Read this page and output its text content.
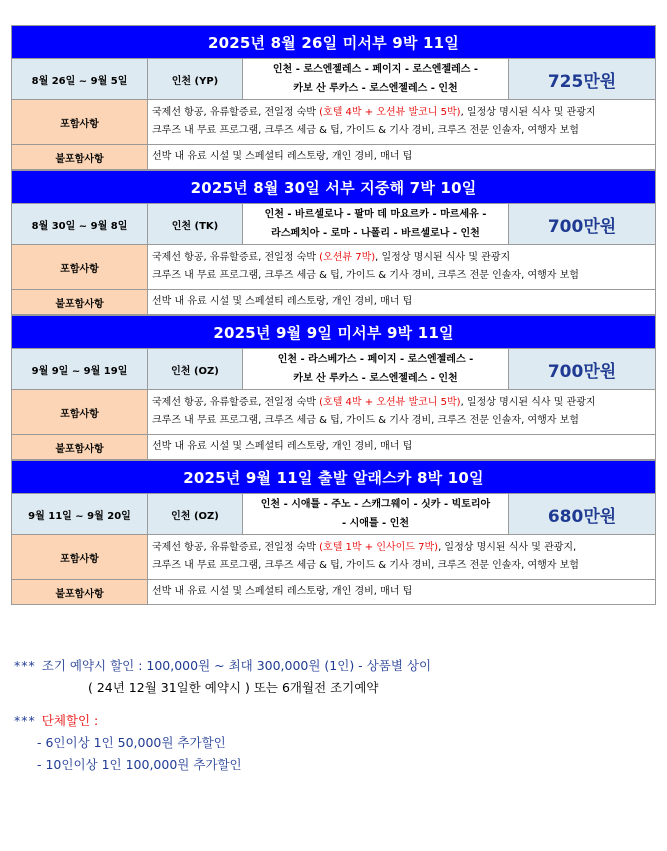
2025년 8월 26일 미서부 9박 11일			
8월 26일 ~ 9월 5일	인천 (YP)	인천 - 로스엔젤레스 - 페이지 - 로스엔젤레스 -
카보 산 루카스 - 로스엔젤레스 - 인천	725만원
포함사항	국제선 항공, 유류할증료, 전일정 숙박 (호텔 4박 + 오션뷰 발코니 5박), 일정상 명시된 식사 및 관광지
크루즈 내 무료 프로그램, 크루즈 세금 & 팁, 가이드 & 기사 경비, 크루즈 전문 인솔자, 여행자 보험		

불포함사항	선박 내 유료 시설 및 스페셜티 레스토랑, 개인 경비, 매너 팁		
2025년 8월 30일 서부 지중해 7박 10일			
8월 30일 ~ 9월 8일	인천 (TK)	인천 - 바르셀로나 - 팔마 데 마요르카 - 마르세유 -
라스페치아 - 로마 - 나폴리 - 바르셀로나 - 인천	700만원
포함사항	국제선 항공, 유류할증료, 전일정 숙박 (오션뷰 7박), 일정상 명시된 식사 및 관광지
크루즈 내 무료 프로그램, 크루즈 세금 & 팁, 가이드 & 기사 경비, 크루즈 전문 인솔자, 여행자 보험		

불포함사항	선박 내 유료 시설 및 스페셜티 레스토랑, 개인 경비, 매너 팁		
2025년 9월 9일 미서부 9박 11일			
9월 9일 ~ 9월 19일	인천 (OZ)	인천 - 라스베가스 - 페이지 - 로스엔젤레스 -
카보 산 루카스 - 로스엔젤레스 - 인천	700만원
포함사항	국제선 항공, 유류할증료, 전일정 숙박 (호텔 4박 + 오션뷰 발코니 5박), 일정상 명시된 식사 및 관광지
크루즈 내 무료 프로그램, 크루즈 세금 & 팁, 가이드 & 기사 경비, 크루즈 전문 인솔자, 여행자 보험		

불포함사항	선박 내 유료 시설 및 스페셜티 레스토랑, 개인 경비, 매너 팁		
2025년 9월 11일 출발 알래스카 8박 10일			
9월 11일 ~ 9월 20일	인천 (OZ)	인천 - 시애틀 - 주노 - 스캐그웨이 - 싯카 - 빅토리아
- 시애틀 - 인천	680만원
포함사항	국제선 항공, 유류할증료, 전일정 숙박 (호텔 1박 + 인사이드 7박), 일정상 명시된 식사 및 관광지,
크루즈 내 무료 프로그램, 크루즈 세금 & 팁, 가이드 & 기사 경비, 크루즈 전문 인솔자, 여행자 보험		

불포함사항	선박 내 유료 시설 및 스페셜티 레스토랑, 개인 경비, 매너 팁		
*** 조기 예약시 할인 : 100,000원 ~ 최대 300,000원 (1인) - 상품별 상이
( 24년 12월 31일한 예약시 ) 또는 6개월전 조기예약
*** 단체할인 :
- 6인이상 1인 50,000원 추가할인
- 10인이상 1인 100,000원 추가할인
